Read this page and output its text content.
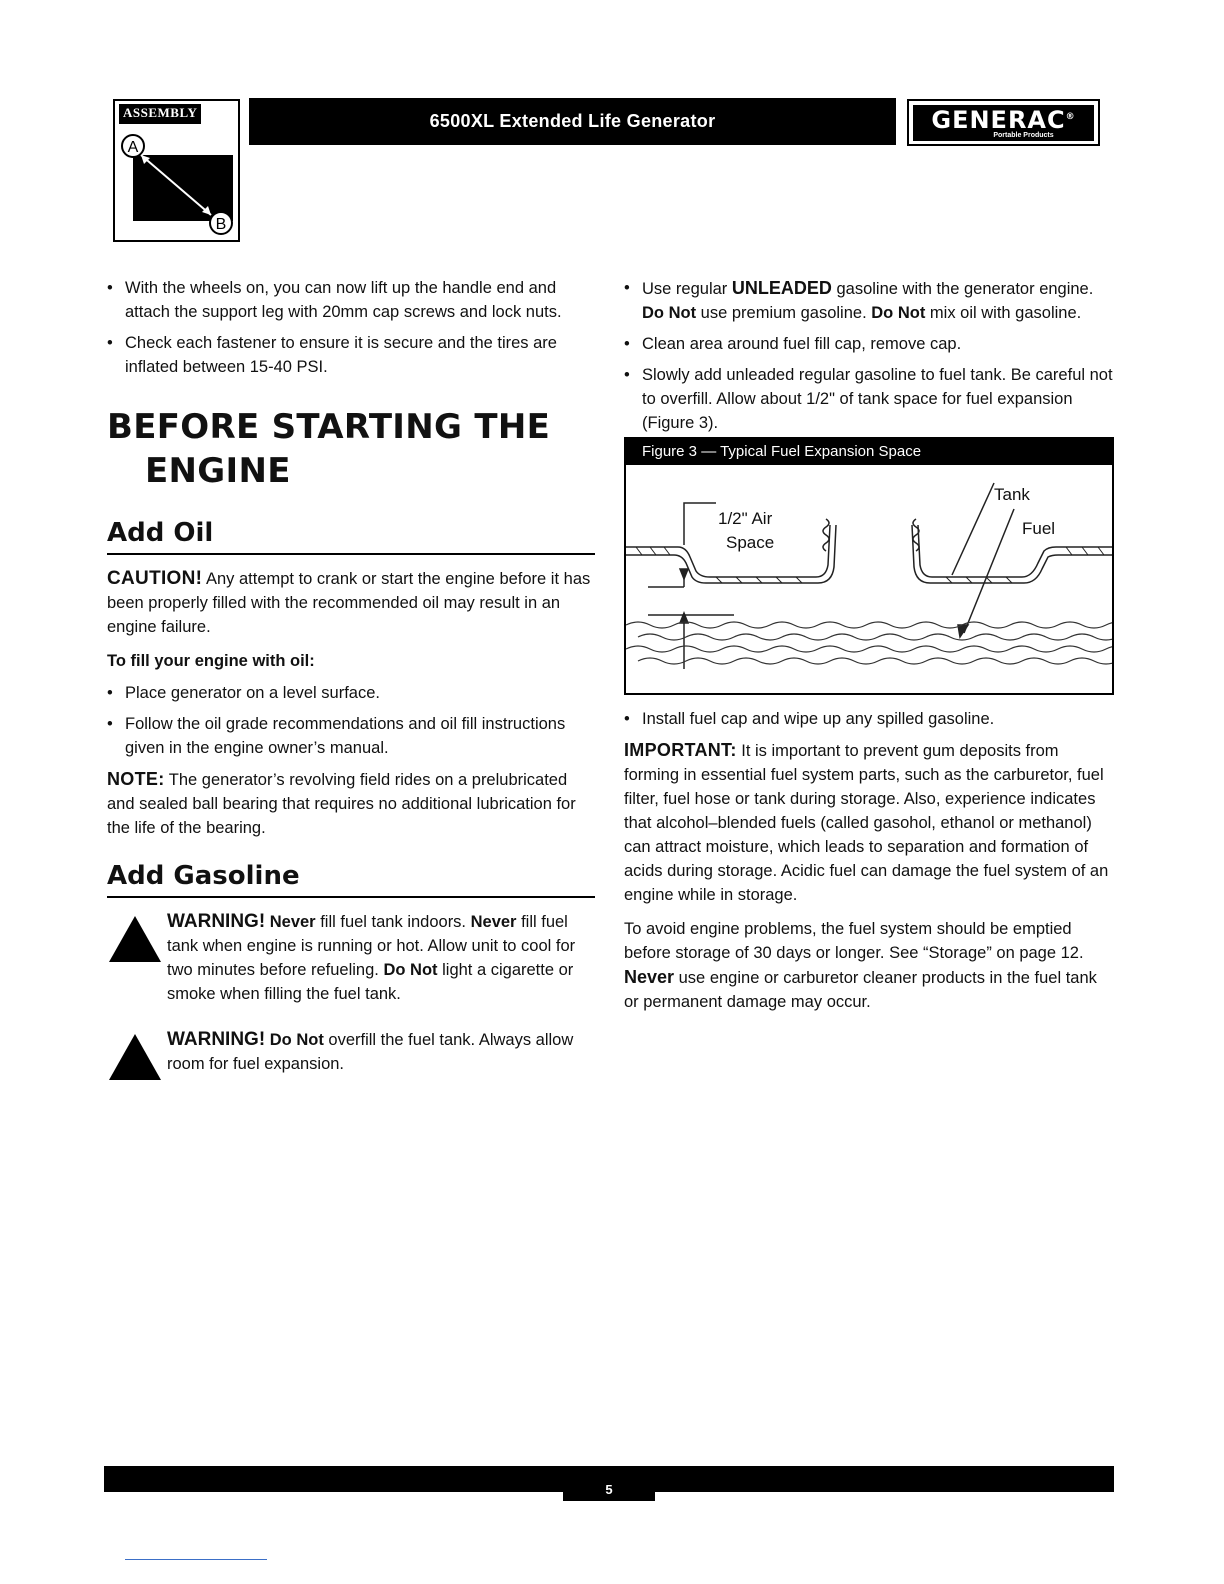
ASSEMBLY
A
B
6500XL Extended Life Generator	GENERAC®
Portable Products
• With the wheels on, you can now lift up the handle end and attach the support leg with 20mm cap screws and lock nuts.
• Check each fastener to ensure it is secure and the tires are inflated between 15-40 PSI.
BEFORE STARTING THE
ENGINE
Add Oil

CAUTION! Any attempt to crank or start the engine before it has been properly filled with the recommended oil may result in an engine failure.

To fill your engine with oil:

• Place generator on a level surface.
• Follow the oil grade recommendations and oil fill instructions given in the engine owner’s manual.

NOTE: The generator’s revolving field rides on a prelubricated and sealed ball bearing that requires no additional lubrication for the life of the bearing.

Add Gasoline
WARNING! Never fill fuel tank indoors. Never fill fuel tank when engine is running or hot. Allow unit to cool for two minutes before refueling. Do Not light a cigarette or smoke when filling the fuel tank.
WARNING! Do Not overfill the fuel tank. Always allow room for fuel expansion.
• Use regular UNLEADED gasoline with the generator engine. Do Not use premium gasoline. Do Not mix oil with gasoline.
• Clean area around fuel fill cap, remove cap.
• Slowly add unleaded regular gasoline to fuel tank. Be careful not to overfill. Allow about 1/2" of tank space for fuel expansion (Figure 3).
Figure 3 — Typical Fuel Expansion Space
1/2" Air
Space
Tank
Fuel
• Install fuel cap and wipe up any spilled gasoline.

IMPORTANT: It is important to prevent gum deposits from forming in essential fuel system parts, such as the carburetor, fuel filter, fuel hose or tank during storage. Also, experience indicates that alcohol–blended fuels (called gasohol, ethanol or methanol) can attract moisture, which leads to separation and formation of acids during storage. Acidic fuel can damage the fuel system of an engine while in storage.

To avoid engine problems, the fuel system should be emptied before storage of 30 days or longer. See “Storage” on page 12. Never use engine or carburetor cleaner products in the fuel tank or permanent damage may occur.

5
